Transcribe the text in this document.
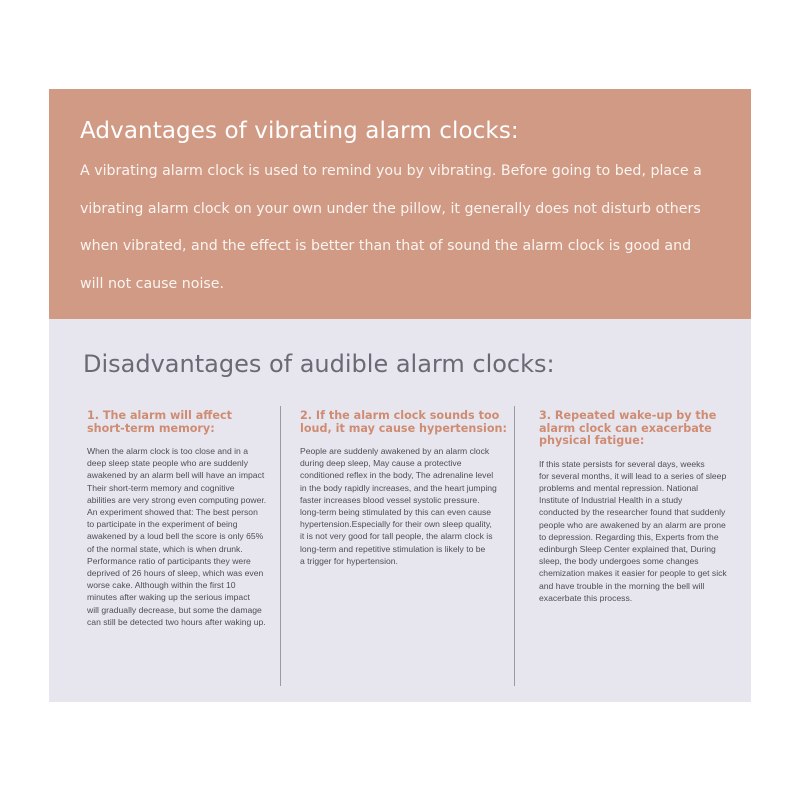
Advantages of vibrating alarm clocks:

A vibrating alarm clock is used to remind you by vibrating. Before going to bed, place a vibrating alarm clock on your own under the pillow, it generally does not disturb others when vibrated, and the effect is better than that of sound the alarm clock is good and will not cause noise.

Disadvantages of audible alarm clocks:
1. The alarm will affect
short-term memory:

When the alarm clock is too close and in a
deep sleep state people who are suddenly
awakened by an alarm bell will have an impact
Their short-term memory and cognitive
abilities are very strong even computing power.
An experiment showed that: The best person
to participate in the experiment of being
awakened by a loud bell the score is only 65%
of the normal state, which is when drunk.
Performance ratio of participants they were
deprived of 26 hours of sleep, which was even
worse cake. Although within the first 10
minutes after waking up the serious impact
will gradually decrease, but some the damage
can still be detected two hours after waking up.

2. If the alarm clock sounds too
loud, it may cause hypertension:

People are suddenly awakened by an alarm clock
during deep sleep, May cause a protective
conditioned reflex in the body, The adrenaline level
in the body rapidly increases, and the heart jumping
faster increases blood vessel systolic pressure.
long-term being stimulated by this can even cause
hypertension.Especially for their own sleep quality,
it is not very good for tall people, the alarm clock is
long-term and repetitive stimulation is likely to be
a trigger for hypertension.

3. Repeated wake-up by the
alarm clock can exacerbate
physical fatigue:

If this state persists for several days, weeks
for several months, it will lead to a series of sleep
problems and mental repression. National
Institute of Industrial Health in a study
conducted by the researcher found that suddenly
people who are awakened by an alarm are prone
to depression. Regarding this, Experts from the
edinburgh Sleep Center explained that, During
sleep, the body undergoes some changes
chemization makes it easier for people to get sick
and have trouble in the morning the bell will
exacerbate this process.
